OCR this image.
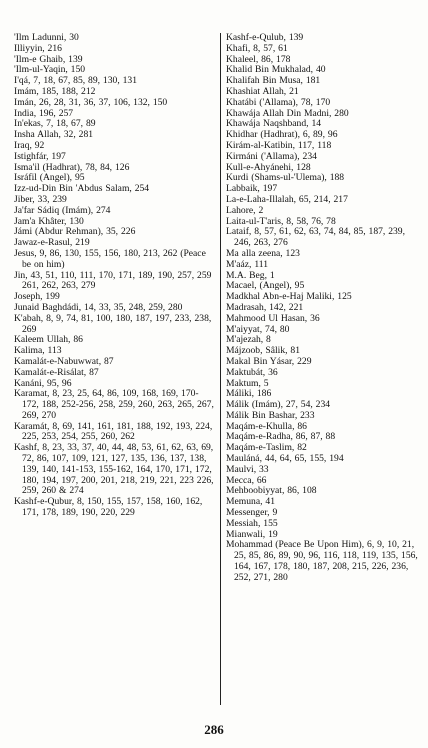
'Ilm Ladunni, 30
Illiyyin, 216
'Ilm-e Ghaib, 139
'Ilm-ul-Yaqin, 150
I'qá, 7, 18, 67, 85, 89, 130, 131
Imám, 185, 188, 212
Imán, 26, 28, 31, 36, 37, 106, 132, 150
India, 196, 257
In'ekas, 7, 18, 67, 89
Insha Allah, 32, 281
Iraq, 92
Istighfár, 197
Isma'il (Hadhrat), 78, 84, 126
Isráfil (Angel), 95
Izz-ud-Din Bin 'Abdus Salam, 254
Jiber, 33, 239
Ja'far Sádiq (Imám), 274
Jam'a Khâter, 130
Jámi (Abdur Rehman), 35, 226
Jawaz-e-Rasul, 219
Jesus, 9, 86, 130, 155, 156, 180, 213, 262 (Peace be on him)
Jin, 43, 51, 110, 111, 170, 171, 189, 190, 257, 259 261, 262, 263, 279
Joseph, 199
Junaid Baghdádi, 14, 33, 35, 248, 259, 280
K'abah, 8, 9, 74, 81, 100, 180, 187, 197, 233, 238, 269
Kaleem Ullah, 86
Kalima, 113
Kamalát-e-Nabuwwat, 87
Kamalát-e-Risálat, 87
Kanáni, 95, 96
Karamat, 8, 23, 25, 64, 86, 109, 168, 169, 170-172, 188, 252-256, 258, 259, 260, 263, 265, 267, 269, 270
Karamát, 8, 69, 141, 161, 181, 188, 192, 193, 224, 225, 253, 254, 255, 260, 262
Kashf, 8, 23, 33, 37, 40, 44, 48, 53, 61, 62, 63, 69, 72, 86, 107, 109, 121, 127, 135, 136, 137, 138, 139, 140, 141-153, 155-162, 164, 170, 171, 172, 180, 194, 197, 200, 201, 218, 219, 221, 223 226, 259, 260 & 274
Kashf-e-Qubur, 8, 150, 155, 157, 158, 160, 162, 171, 178, 189, 190, 220, 229
Kashf-e-Qulub, 139
Khafi, 8, 57, 61
Khaleel, 86, 178
Khalid Bin Mukhalad, 40
Khalifah Bin Musa, 181
Khashiat Allah, 21
Khatábi ('Allama), 78, 170
Khawája Allah Din Madni, 280
Khawája Naqshband, 14
Khidhar (Hadhrat), 6, 89, 96
Kirám-al-Katibin, 117, 118
Kirmáni ('Allama), 234
Kull-e-Ahyánehi, 128
Kurdi (Shams-ul-'Ulema), 188
Labbaik, 197
La-e-Laha-Illalah, 65, 214, 217
Lahore, 2
Laita-ul-T'aris, 8, 58, 76, 78
Lataif, 8, 57, 61, 62, 63, 74, 84, 85, 187, 239, 246, 263, 276
Ma alla zeena, 123
M'aáz, 111
M.A. Beg, 1
Macael, (Angel), 95
Madkhal Abn-e-Haj Maliki, 125
Madrasah, 142, 221
Mahmood Ul Hasan, 36
M'aiyyat, 74, 80
M'ajezah, 8
Májzoob, Sâlik, 81
Makal Bin Yásar, 229
Maktubát, 36
Maktum, 5
Máliki, 186
Málik (Imám), 27, 54, 234
Málik Bin Bashar, 233
Maqám-e-Khulla, 86
Maqám-e-Radha, 86, 87, 88
Maqám-e-Taslim, 82
Mauláná, 44, 64, 65, 155, 194
Maulvi, 33
Mecca, 66
Mehboobiyyat, 86, 108
Memuna, 41
Messenger, 9
Messiah, 155
Mianwali, 19
Mohammad (Peace Be Upon Him), 6, 9, 10, 21, 25, 85, 86, 89, 90, 96, 116, 118, 119, 135, 156, 164, 167, 178, 180, 187, 208, 215, 226, 236, 252, 271, 280
286
